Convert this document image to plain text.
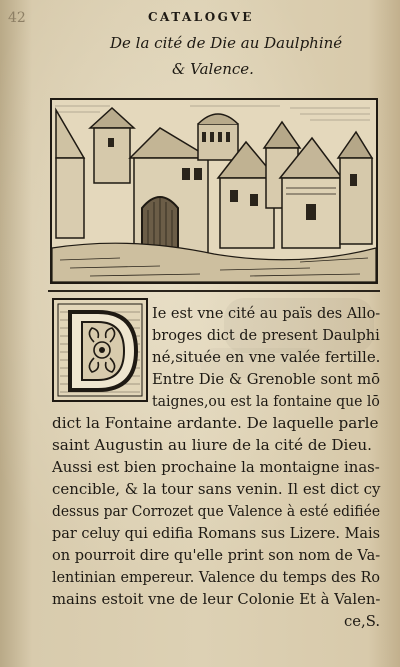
42	CATALOGVE
De la cité de Die au Daulphiné
& Valence.
Ie est vne cité au païs des Allo-
broges dict de present Daulphi
né,située en vne valée fertille.
Entre Die & Grenoble sont mō
taignes,ou est la fontaine que lō
dict la Fontaine ardante. De laquelle parle
saint Augustin au liure de la cité de Dieu.
Aussi est bien prochaine la montaigne inas-
cencible, & la tour sans venin. Il est dict cy
dessus par Corrozet que Valence à esté edifiée
par celuy qui edifia Romans sus Lizere. Mais
on pourroit dire qu'elle print son nom de Va-
lentinian empereur. Valence du temps des Ro
mains estoit vne de leur Colonie Et à Valen-
ce,S.
